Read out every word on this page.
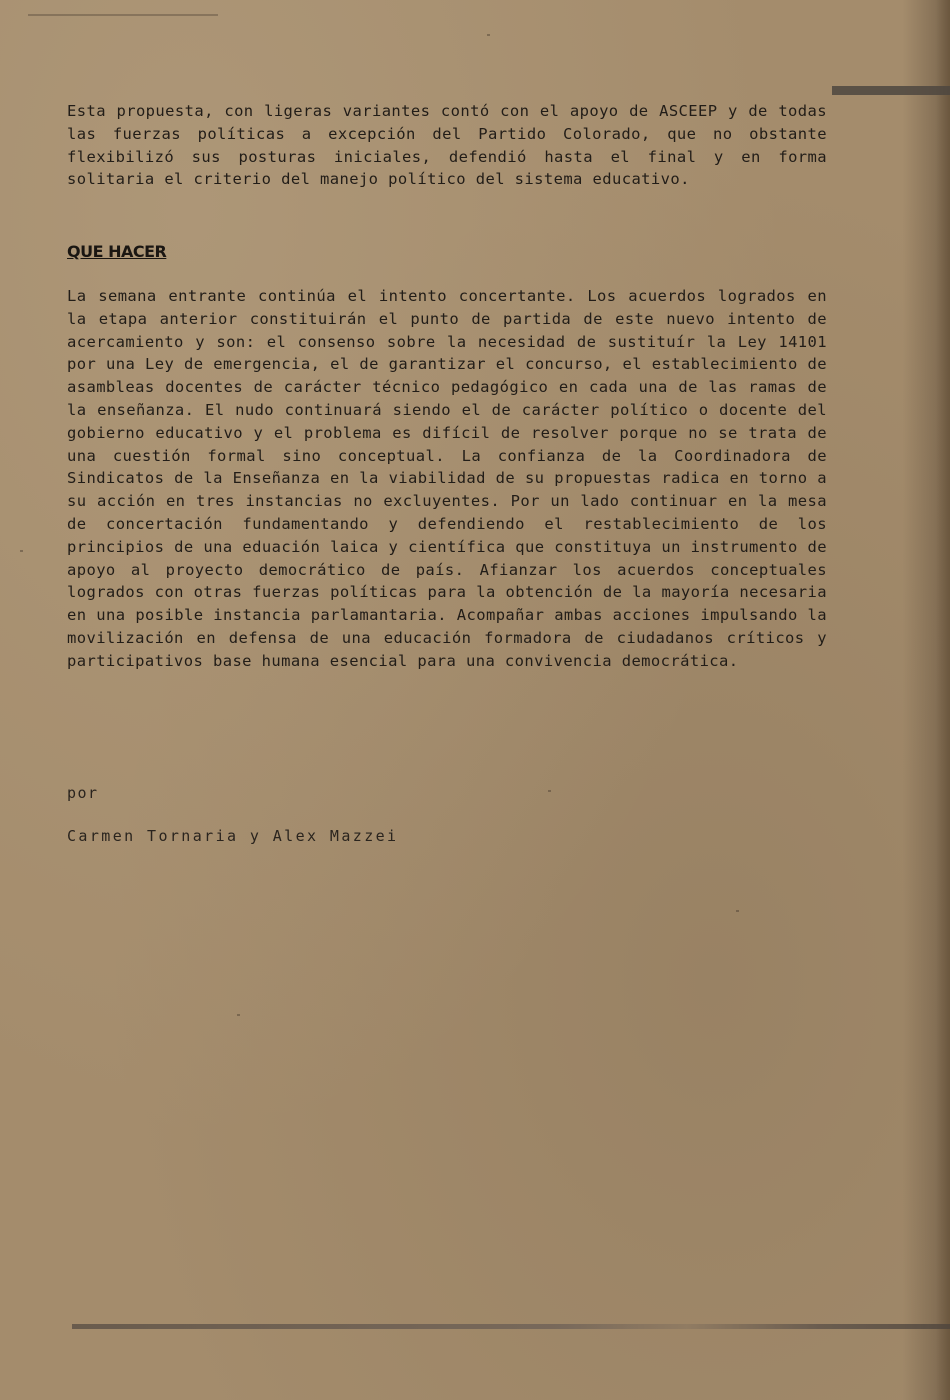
Esta propuesta, con ligeras variantes contó con el apoyo de ASCEEP y de todas las fuerzas políticas a excepción del Partido Colorado, que no obstante flexibilizó sus posturas iniciales, defendió hasta el final y en forma solitaria el criterio del manejo político del sistema educativo.

QUE HACER

La semana entrante continúa el intento concertante. Los acuerdos logrados en la etapa anterior constituirán el punto de partida de este nuevo intento de acercamiento y son: el consenso sobre la necesidad de sustituír la Ley 14101 por una Ley de emergencia, el de garantizar el concurso, el establecimiento de asambleas docentes de carácter técnico pedagógico en cada una de las ramas de la enseñanza. El nudo continuará siendo el de carácter político o docente del gobierno educativo y el problema es difícil de resolver porque no se trata de una cuestión formal sino conceptual. La confianza de la Coordinadora de Sindicatos de la Enseñanza en la viabilidad de su propuestas radica en torno a su acción en tres instancias no excluyentes. Por un lado continuar en la mesa de concertación fundamentando y defendiendo el restablecimiento de los principios de una eduación laica y científica que constituya un instrumento de apoyo al proyecto democrático de país. Afianzar los acuerdos conceptuales logrados con otras fuerzas políticas para la obtención de la mayoría necesaria en una posible instancia parlamantaria. Acompañar ambas acciones impulsando la movilización en defensa de una educación formadora de ciudadanos críticos y participativos base humana esencial para una convivencia democrática.

por
Carmen Tornaria y Alex Mazzei
